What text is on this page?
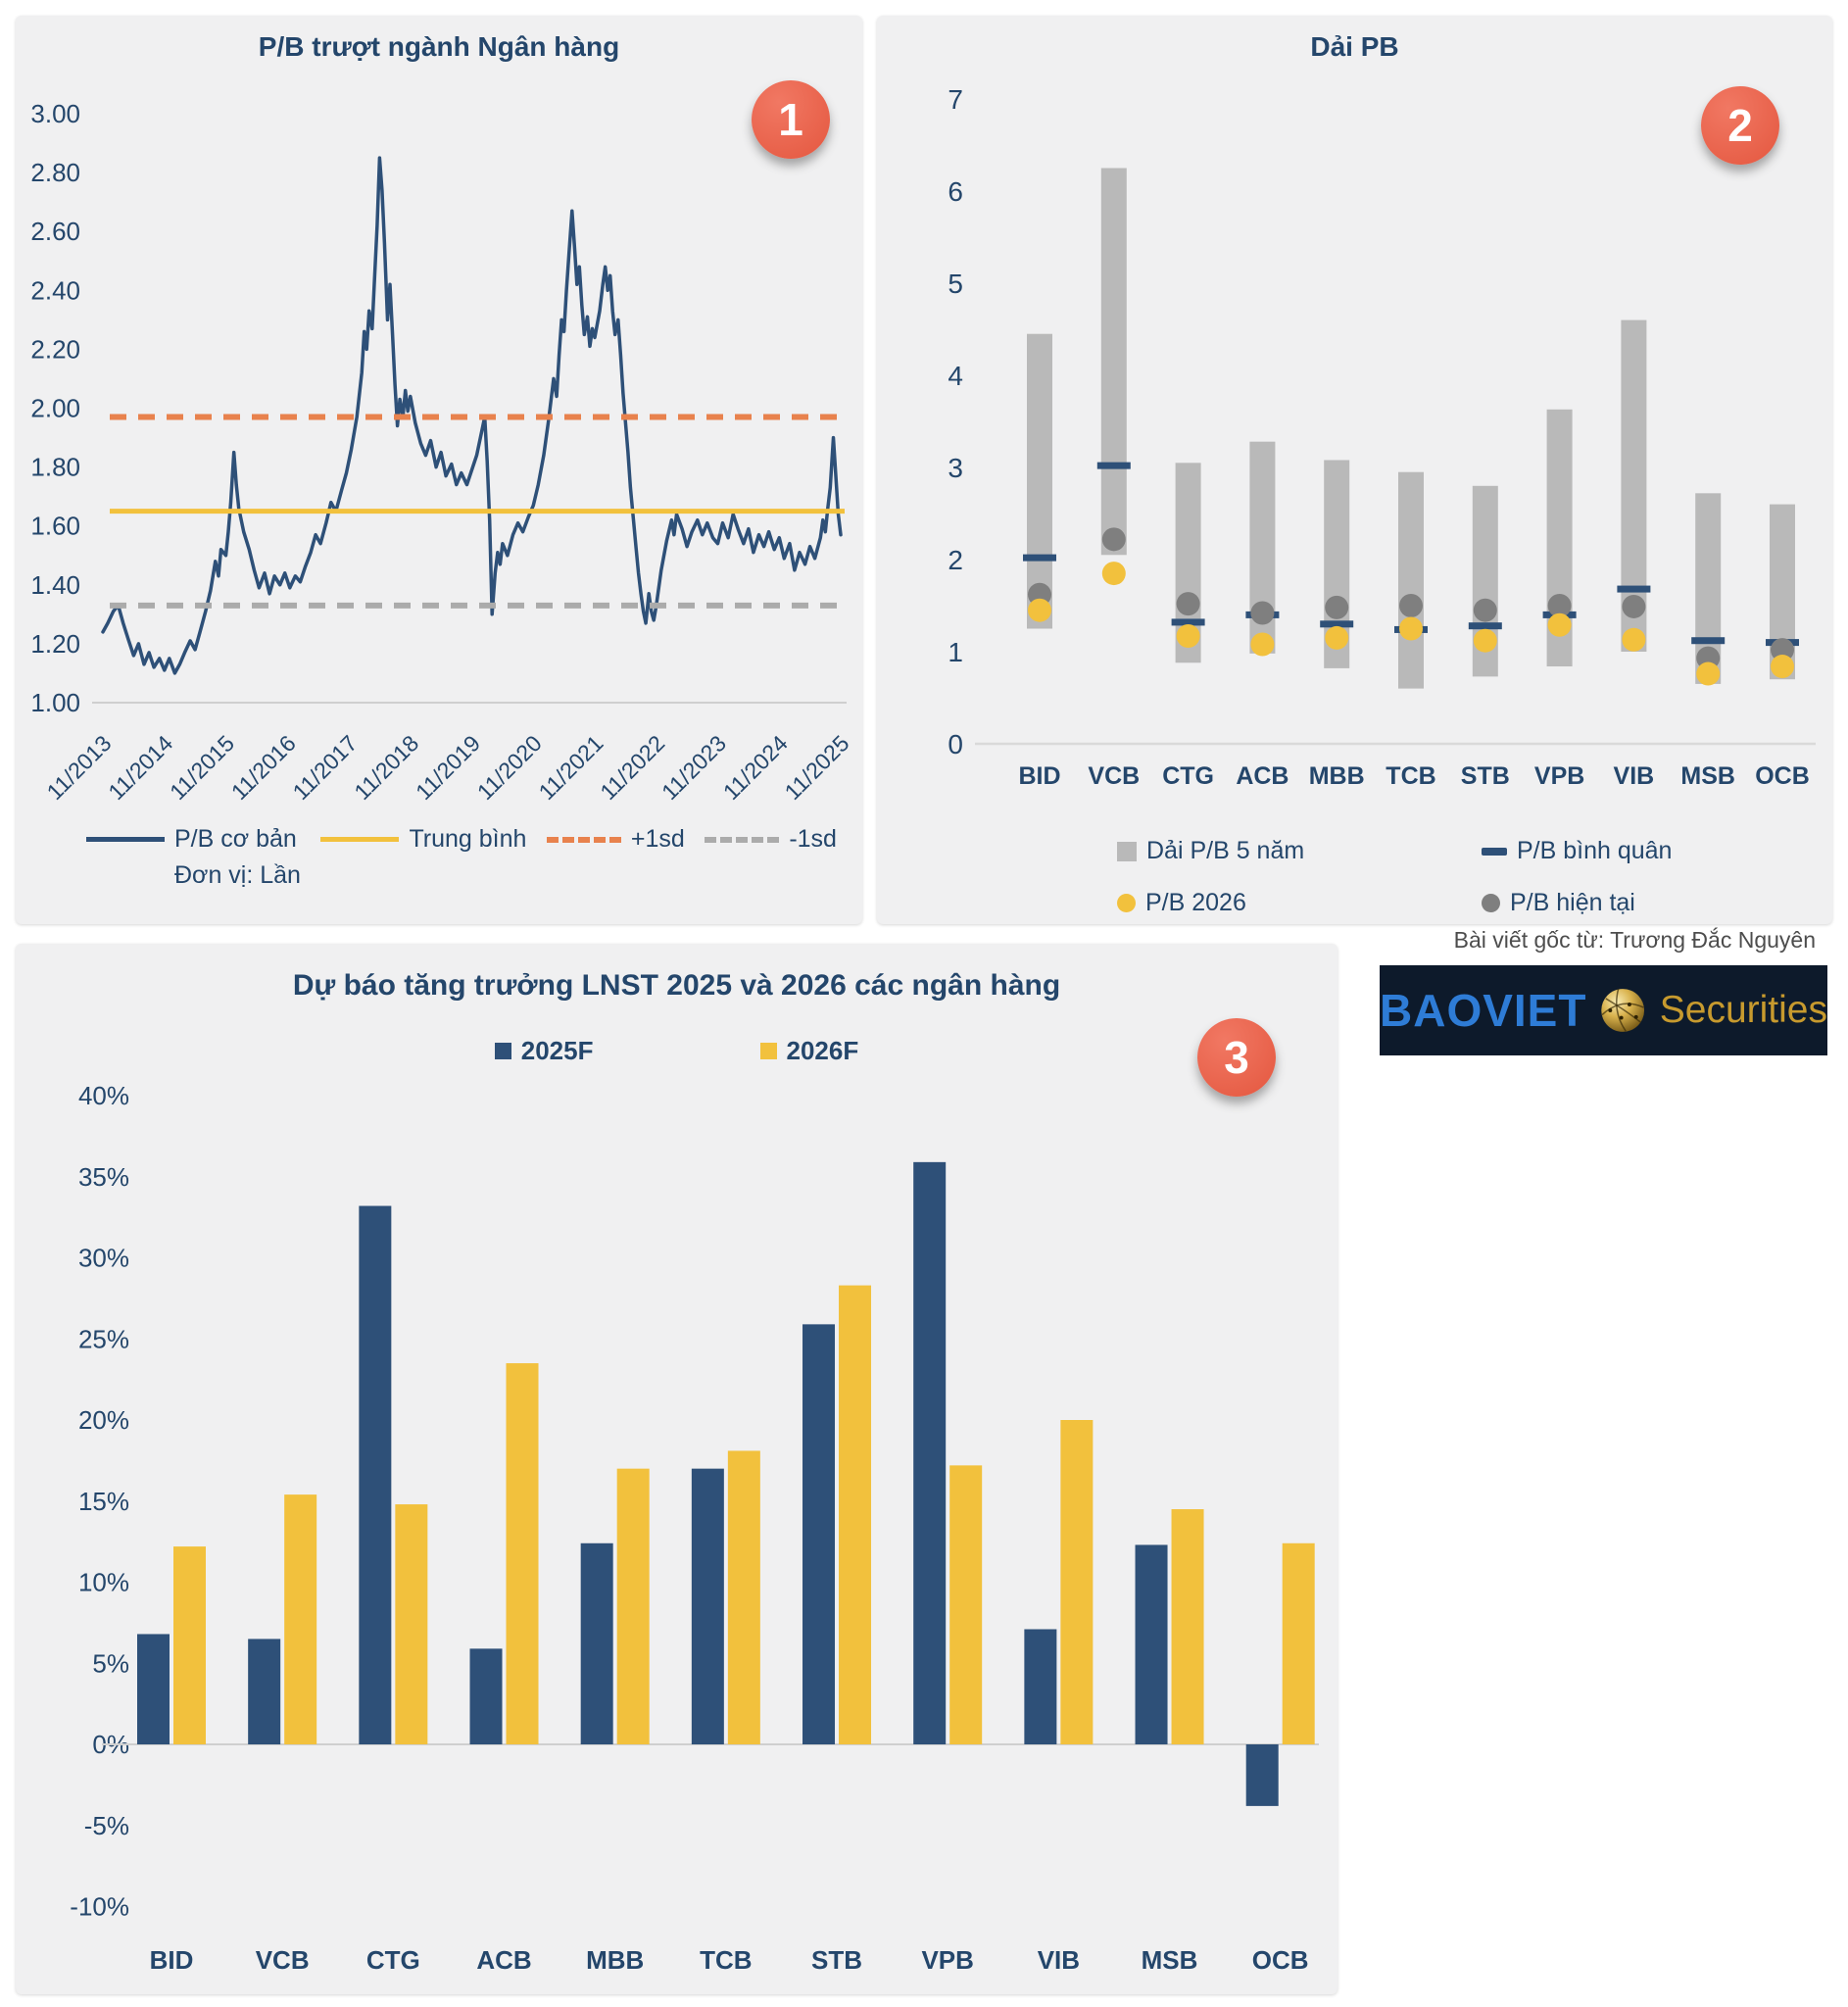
P/B trượt ngành Ngân hàng
3.00
2.80
2.60
2.40
2.20
2.00
1.80
1.60
1.40
1.20
1.00
11/2013
11/2014
11/2015
11/2016
11/2017
11/2018
11/2019
11/2020
11/2021
11/2022
11/2023
11/2024
11/2025
P/B cơ bản
Đơn vị: Lần
Trung bình	+1sd	-1sd
Dải PB
7
6
5
4
3
2
1
0
BID VCB CTG ACB MBB TCB STB VPB VIB MSB OCB
Dải P/B 5 năm	P/B bình quân
P/B 2026	P/B hiện tại
Dự báo tăng trưởng LNST 2025 và 2026 các ngân hàng
2025F	2026F
40%
35%
30%
25%
20%
15%
10%
5%
0%
-5%
-10%
BID VCB CTG ACB MBB TCB STB VPB VIB MSB OCB
1	2
3
Bài viết gốc từ: Trương Đắc Nguyên
BAOVIET Securities
